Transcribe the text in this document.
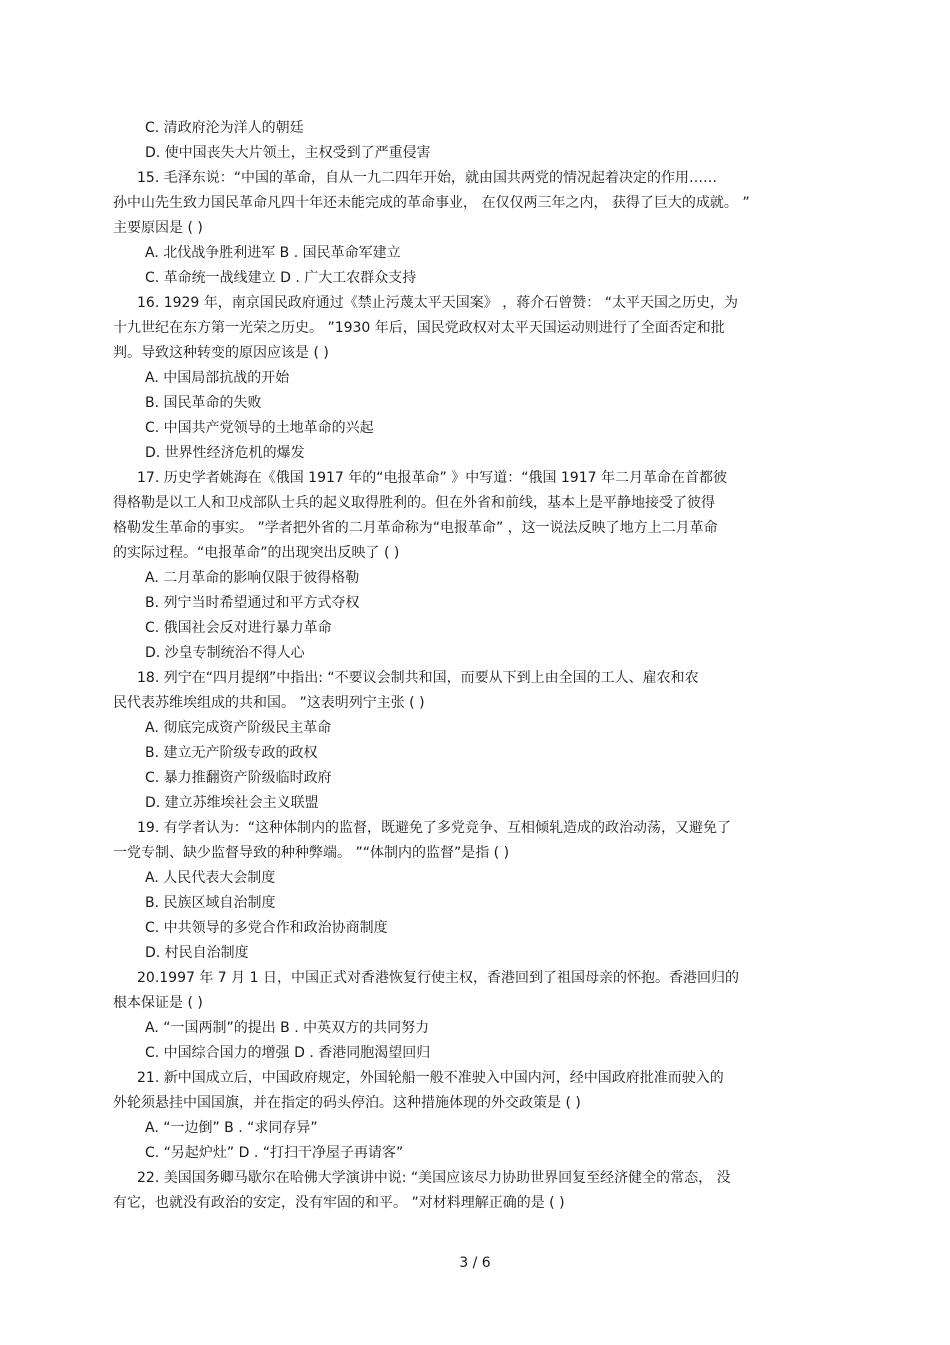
C. 清政府沦为洋人的朝廷
D. 使中国丧失大片领土，主权受到了严重侵害
15. 毛泽东说：“中国的革命，自从一九二四年开始，就由国共两党的情况起着决定的作用……
孙中山先生致力国民革命凡四十年还未能完成的革命事业， 在仅仅两三年之内， 获得了巨大的成就。 ”
主要原因是 ( )
A. 北伐战争胜利进军 B . 国民革命军建立
C. 革命统一战线建立 D . 广大工农群众支持
16. 1929 年，南京国民政府通过《禁止污蔑太平天国案》 ，蒋介石曾赞： “太平天国之历史，为
十九世纪在东方第一光荣之历史。 ”1930 年后，国民党政权对太平天国运动则进行了全面否定和批
判。导致这种转变的原因应该是 ( )
A. 中国局部抗战的开始
B. 国民革命的失败
C. 中国共产党领导的土地革命的兴起
D. 世界性经济危机的爆发
17. 历史学者姚海在《俄国 1917 年的“电报革命” 》中写道：“俄国 1917 年二月革命在首都彼
得格勒是以工人和卫戍部队士兵的起义取得胜利的。但在外省和前线，基本上是平静地接受了彼得
格勒发生革命的事实。 ”学者把外省的二月革命称为“电报革命” ，这一说法反映了地方上二月革命
的实际过程。“电报革命”的出现突出反映了 ( )
A. 二月革命的影响仅限于彼得格勒
B. 列宁当时希望通过和平方式夺权
C. 俄国社会反对进行暴力革命
D. 沙皇专制统治不得人心
18. 列宁在“四月提纲”中指出: “不要议会制共和国，而要从下到上由全国的工人、雇农和农
民代表苏维埃组成的共和国。 ”这表明列宁主张 ( )
A. 彻底完成资产阶级民主革命
B. 建立无产阶级专政的政权
C. 暴力推翻资产阶级临时政府
D. 建立苏维埃社会主义联盟
19. 有学者认为：“这种体制内的监督，既避免了多党竞争、互相倾轧造成的政治动荡，又避免了
一党专制、缺少监督导致的种种弊端。 ”“体制内的监督”是指 ( )
A. 人民代表大会制度
B. 民族区域自治制度
C. 中共领导的多党合作和政治协商制度
D. 村民自治制度
20.1997 年 7 月 1 日，中国正式对香港恢复行使主权，香港回到了祖国母亲的怀抱。香港回归的
根本保证是 ( )
A. “一国两制”的提出 B . 中英双方的共同努力
C. 中国综合国力的增强 D . 香港同胞渴望回归
21. 新中国成立后，中国政府规定，外国轮船一般不准驶入中国内河，经中国政府批准而驶入的
外轮须悬挂中国国旗，并在指定的码头停泊。这种措施体现的外交政策是 ( )
A. “一边倒” B . “求同存异”
C. “另起炉灶” D . “打扫干净屋子再请客”
22. 美国国务卿马歇尔在哈佛大学演讲中说: “美国应该尽力协助世界回复至经济健全的常态， 没
有它，也就没有政治的安定，没有牢固的和平。 ”对材料理解正确的是 ( )
3 / 6
